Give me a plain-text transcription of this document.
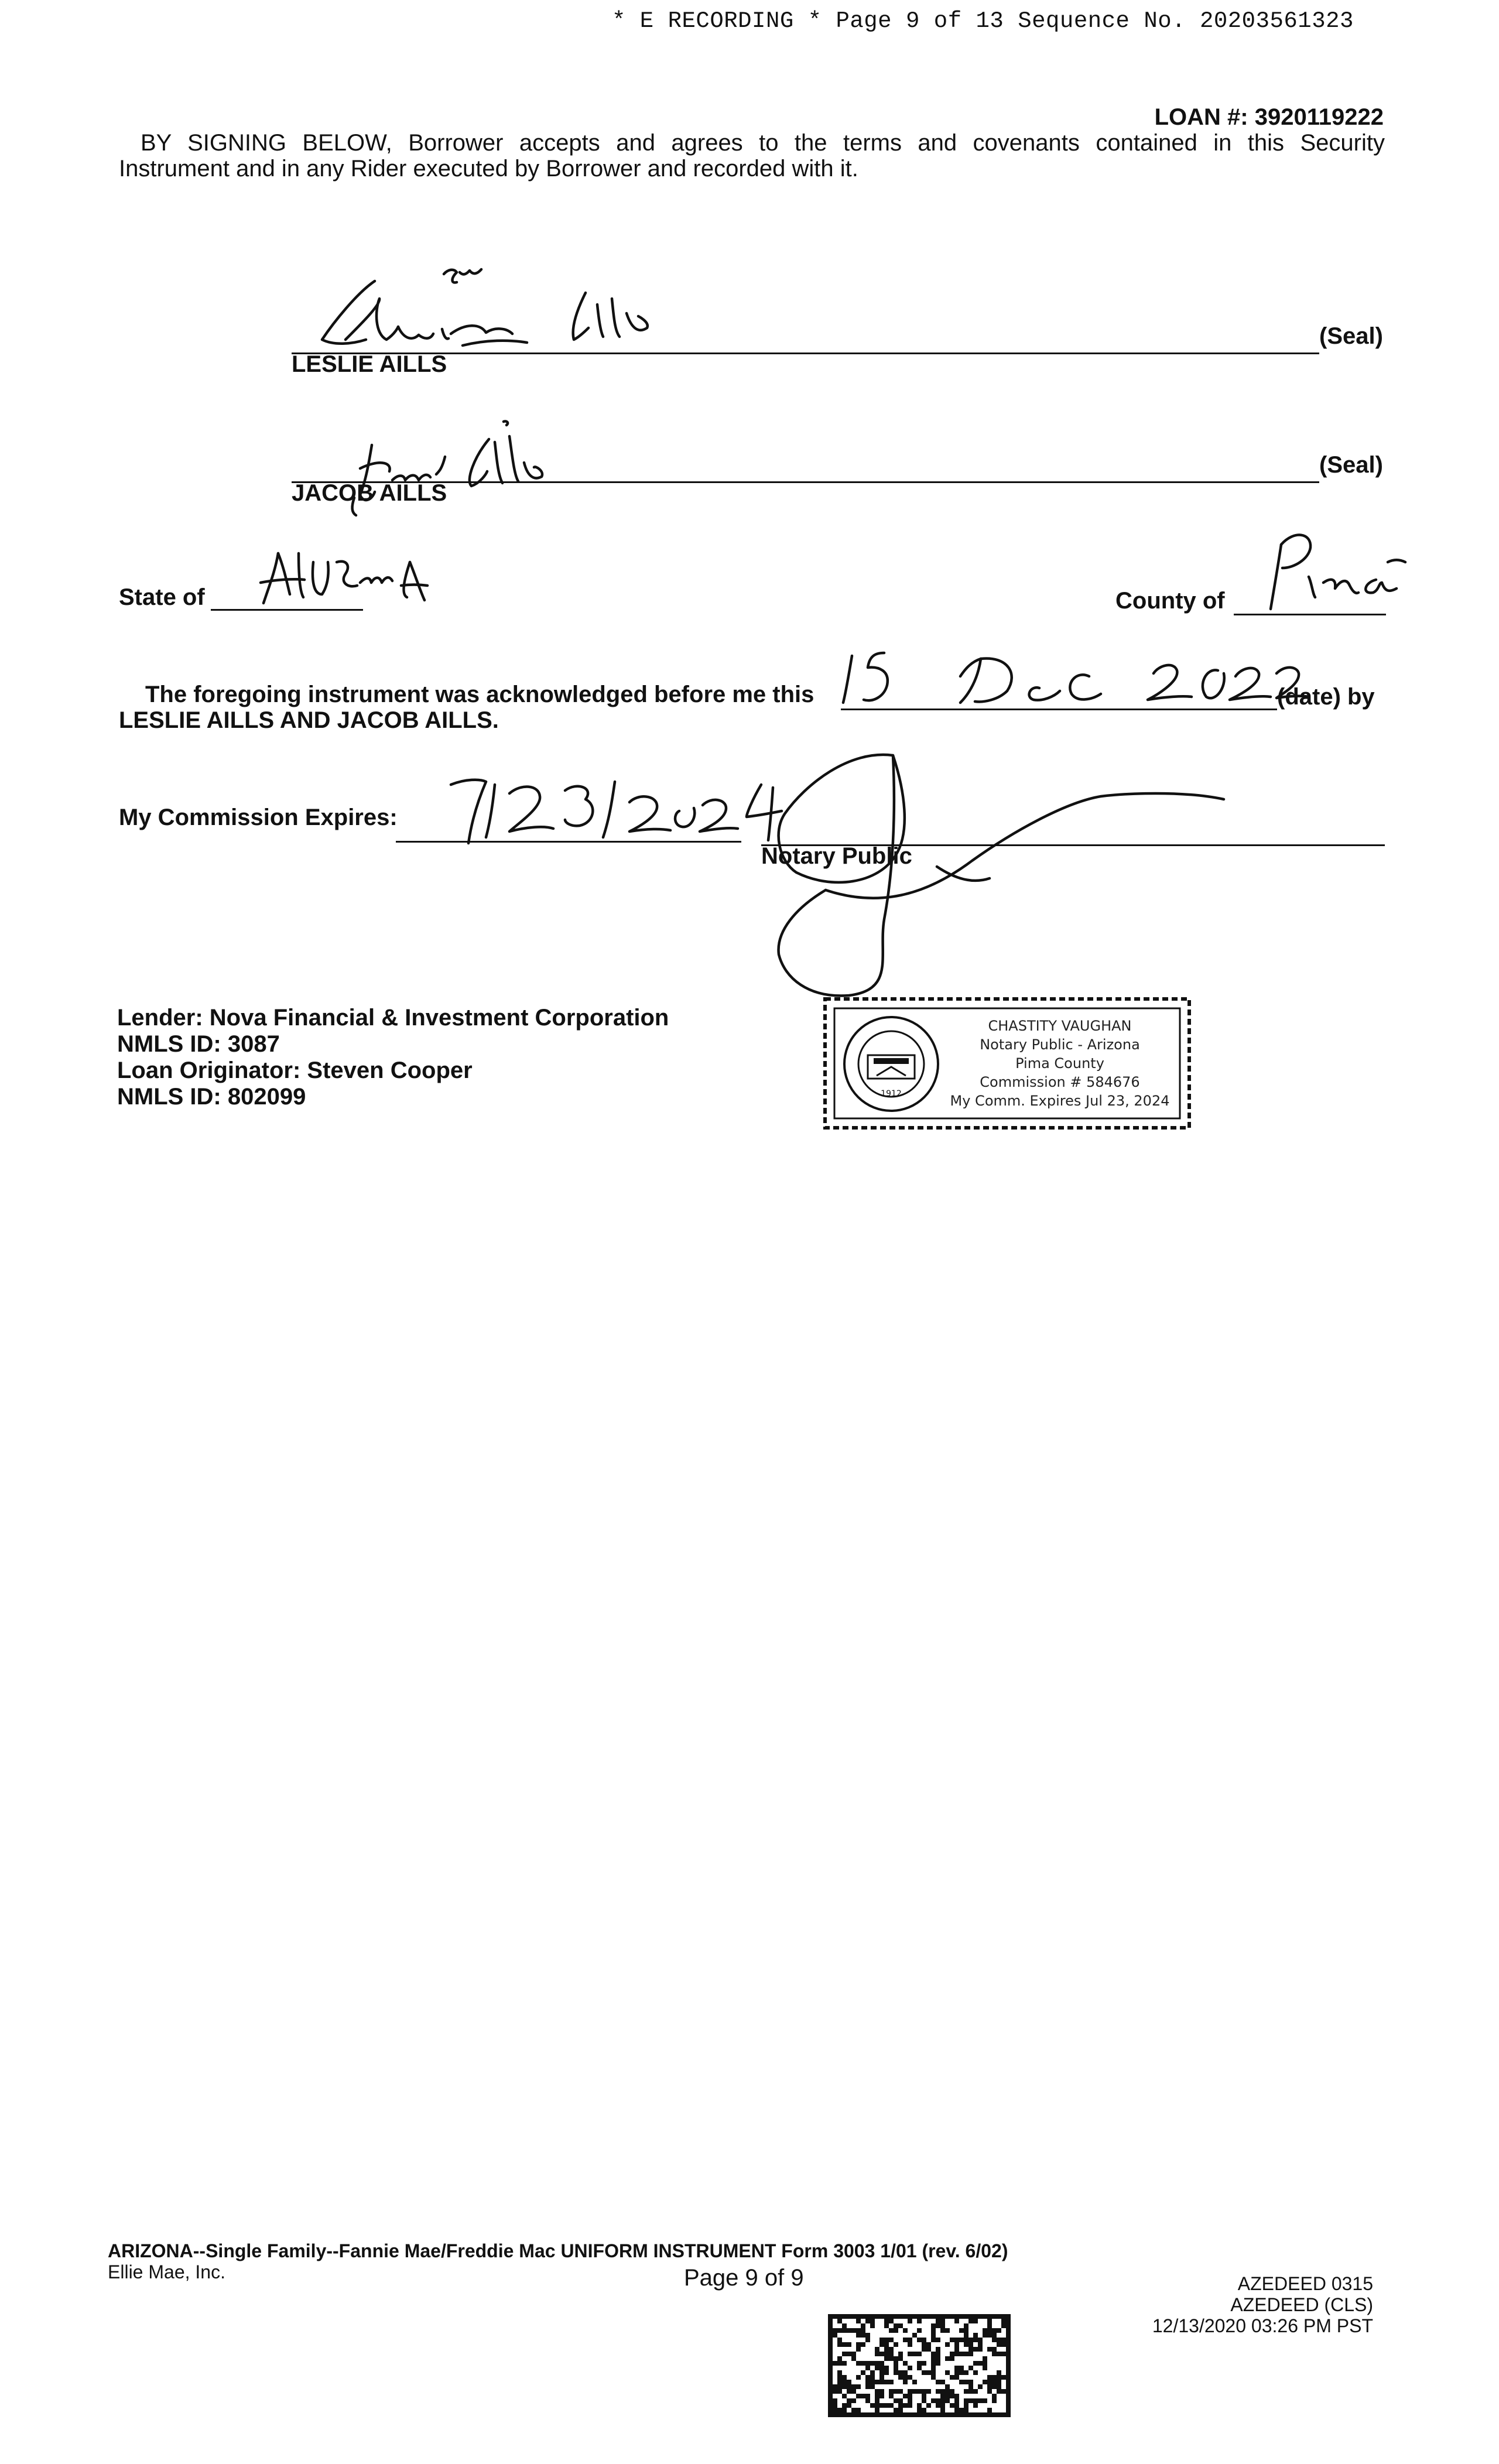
* E RECORDING * Page 9 of 13 Sequence No. 20203561323
LOAN #: 3920119222
BY SIGNING BELOW, Borrower accepts and agrees to the terms and covenants contained in this Security
Instrument and in any Rider executed by Borrower and recorded with it.
LESLIE AILLS
(Seal)
JACOB AILLS
(Seal)
State of	County of
The foregoing instrument was acknowledged before me this	(date) by
LESLIE AILLS AND JACOB AILLS.
My Commission Expires:
Notary Public
Lender: Nova Financial & Investment Corporation
NMLS ID: 3087
Loan Originator: Steven Cooper
NMLS ID: 802099	1912
CHASTITY VAUGHAN
Notary Public - Arizona
Pima County
Commission # 584676
My Comm. Expires Jul 23, 2024
ARIZONA--Single Family--Fannie Mae/Freddie Mac UNIFORM INSTRUMENT Form 3003 1/01 (rev. 6/02)
Ellie Mae, Inc.	Page 9 of 9	AZEDEED 0315
AZEDEED (CLS)
12/13/2020 03:26 PM PST
